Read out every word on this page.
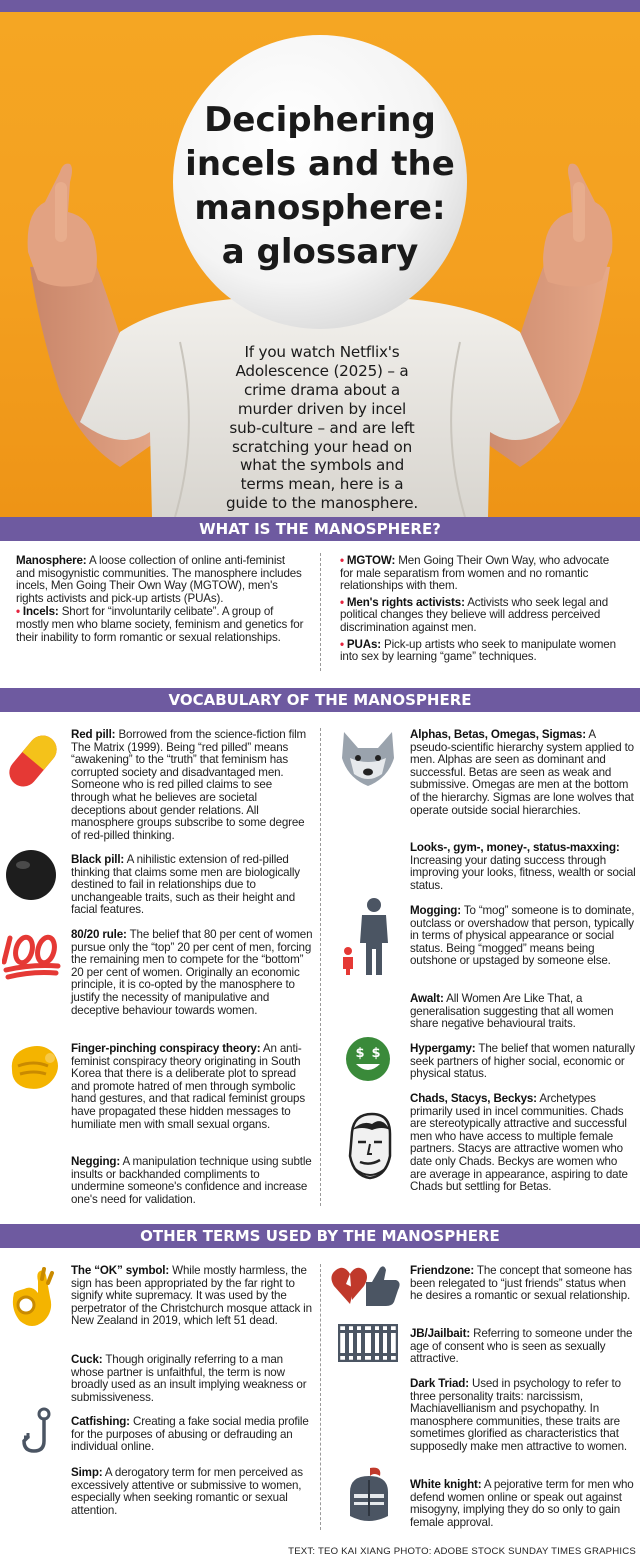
Deciphering
incels and the
manosphere:
a glossary
If you watch Netflix's Adolescence (2025) – a crime drama about a murder driven by incel sub-culture – and are left scratching your head on what the symbols and terms mean, here is a guide to the manosphere.
WHAT IS THE MANOSPHERE?

Manosphere: A loose collection of online anti-feminist and misogynistic communities. The manosphere includes incels, Men Going Their Own Way (MGTOW), men's rights activists and pick-up artists (PUAs).

• Incels: Short for “involuntarily celibate”. A group of mostly men who blame society, feminism and genetics for their inability to form romantic or sexual relationships.

• MGTOW: Men Going Their Own Way, who advocate for male separatism from women and no romantic relationships with them.

• Men's rights activists: Activists who seek legal and political changes they believe will address perceived discrimination against men.

• PUAs: Pick-up artists who seek to manipulate women into sex by learning “game” techniques.

VOCABULARY OF THE MANOSPHERE
Red pill: Borrowed from the science-fiction film The Matrix (1999). Being “red pilled” means “awakening” to the “truth” that feminism has corrupted society and disadvantaged men. Someone who is red pilled claims to see through what he believes are societal deceptions about gender relations. All manosphere groups subscribe to some degree of red-pilled thinking.
Black pill: A nihilistic extension of red-pilled thinking that claims some men are biologically destined to fail in relationships due to unchangeable traits, such as their height and facial features.
80/20 rule: The belief that 80 per cent of women pursue only the “top” 20 per cent of men, forcing the remaining men to compete for the “bottom” 20 per cent of women. Originally an economic principle, it is co-opted by the manosphere to justify the necessity of manipulative and deceptive behaviour towards women.
Finger-pinching conspiracy theory: An anti-feminist conspiracy theory originating in South Korea that there is a deliberate plot to spread and promote hatred of men through symbolic hand gestures, and that radical feminist groups have propagated these hidden messages to humiliate men with small sexual organs.
Negging: A manipulation technique using subtle insults or backhanded compliments to undermine someone's confidence and increase one's need for validation.
$ $
Alphas, Betas, Omegas, Sigmas: A pseudo-scientific hierarchy system applied to men. Alphas are seen as dominant and successful. Betas are seen as weak and submissive. Omegas are men at the bottom of the hierarchy. Sigmas are lone wolves that operate outside social hierarchies.
Looks-, gym-, money-, status-maxxing: Increasing your dating success through improving your looks, fitness, wealth or social status.
Mogging: To “mog” someone is to dominate, outclass or overshadow that person, typically in terms of physical appearance or social status. Being “mogged” means being outshone or upstaged by someone else.
Awalt: All Women Are Like That, a generalisation suggesting that all women share negative behavioural traits.
Hypergamy: The belief that women naturally seek partners of higher social, economic or physical status.
Chads, Stacys, Beckys: Archetypes primarily used in incel communities. Chads are stereotypically attractive and successful men who have access to multiple female partners. Stacys are attractive women who date only Chads. Beckys are women who are average in appearance, aspiring to date Chads but settling for Betas.
OTHER TERMS USED BY THE MANOSPHERE
The “OK” symbol: While mostly harmless, the sign has been appropriated by the far right to signify white supremacy. It was used by the perpetrator of the Christchurch mosque attack in New Zealand in 2019, which left 51 dead.
Cuck: Though originally referring to a man whose partner is unfaithful, the term is now broadly used as an insult implying weakness or submissiveness.
Catfishing: Creating a fake social media profile for the purposes of abusing or defrauding an individual online.
Simp: A derogatory term for men perceived as excessively attentive or submissive to women, especially when seeking romantic or sexual attention.
Friendzone: The concept that someone has been relegated to “just friends” status when he desires a romantic or sexual relationship.
JB/Jailbait: Referring to someone under the age of consent who is seen as sexually attractive.
Dark Triad: Used in psychology to refer to three personality traits: narcissism, Machiavellianism and psychopathy. In manosphere communities, these traits are sometimes glorified as characteristics that supposedly make men attractive to women.
White knight: A pejorative term for men who defend women online or speak out against misogyny, implying they do so only to gain female approval.
TEXT: TEO KAI XIANG PHOTO: ADOBE STOCK SUNDAY TIMES GRAPHICS
